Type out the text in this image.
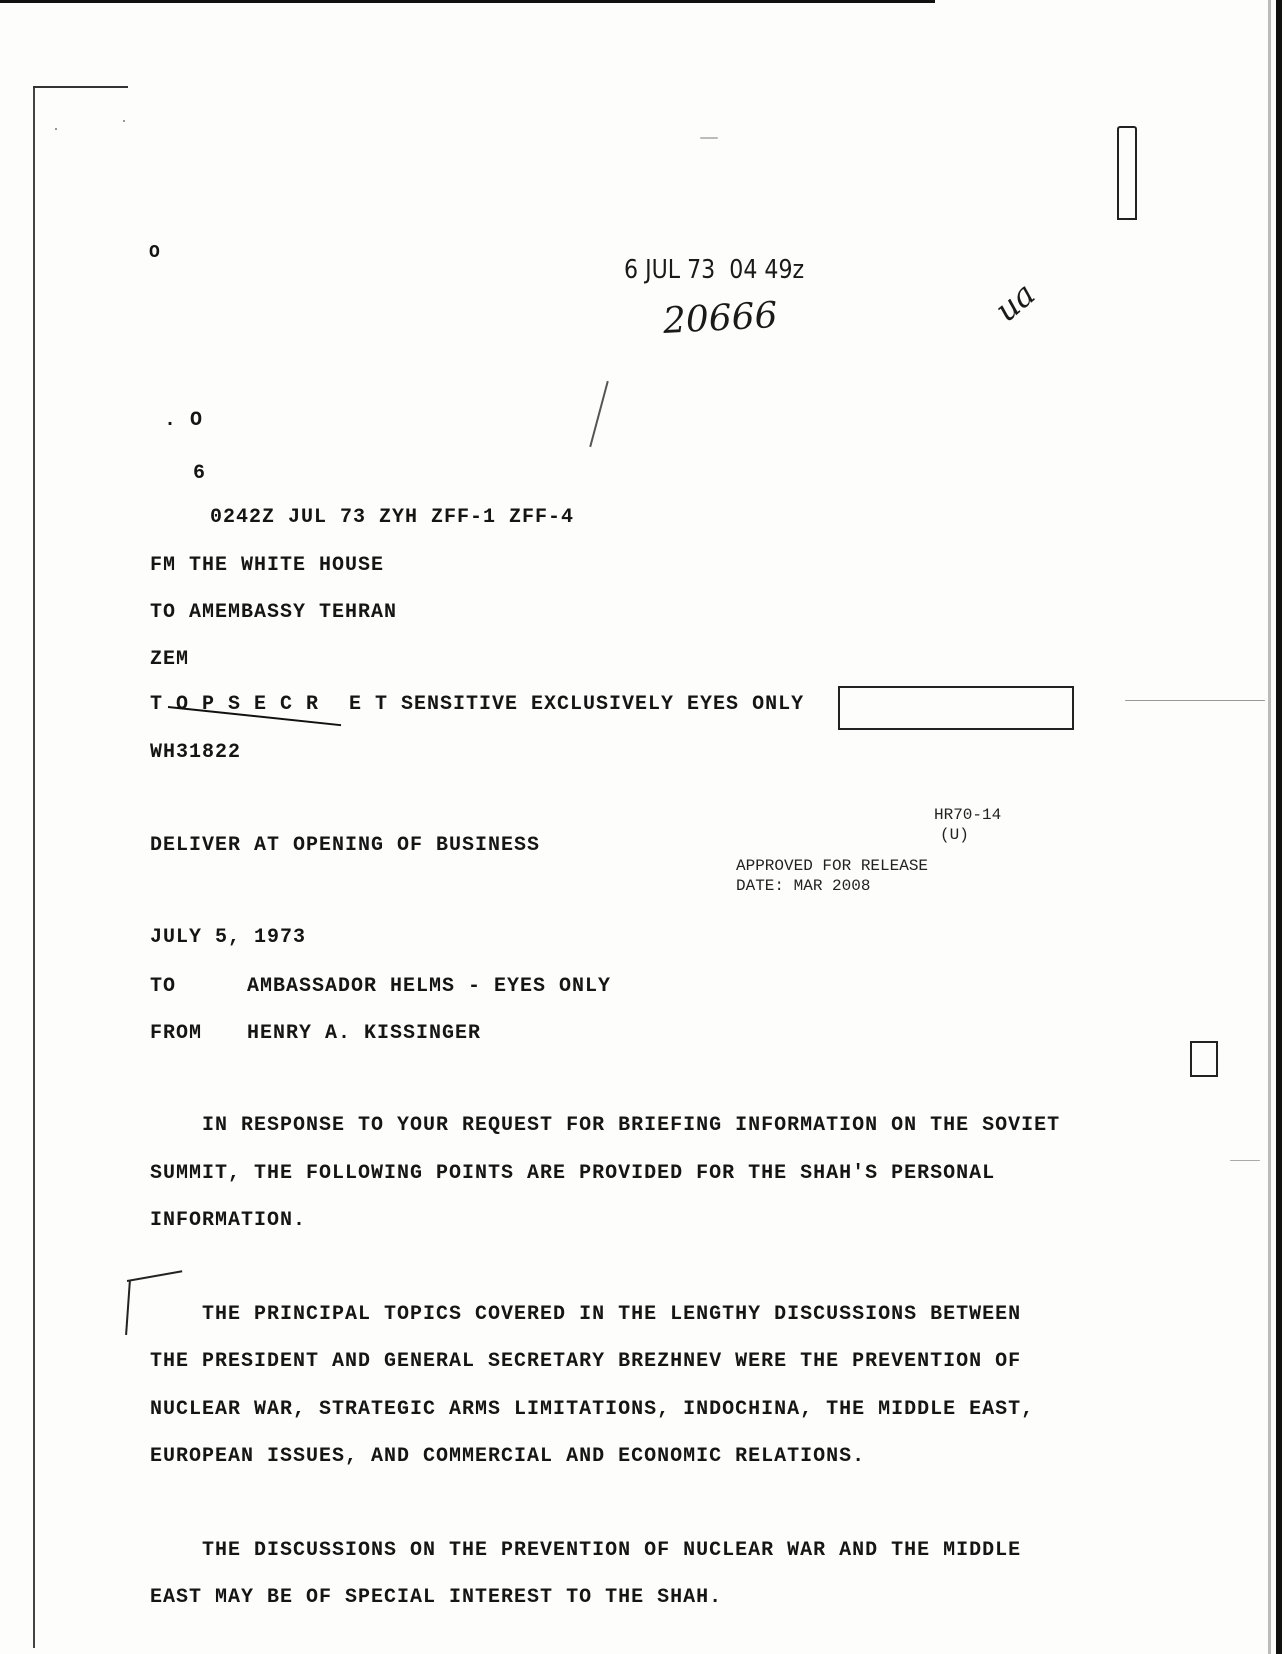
O
. O
6
6 JUL 73  04 49z
20666	ua
0242Z JUL 73 ZYH ZFF-1 ZFF-4
FM THE WHITE HOUSE
TO AMEMBASSY TEHRAN
ZEM
T O P S E C R E T SENSITIVE EXCLUSIVELY EYES ONLY
WH31822
DELIVER AT OPENING OF BUSINESS
HR70-14
(U)
APPROVED FOR RELEASE
DATE: MAR 2008
JULY 5, 1973
TO	AMBASSADOR HELMS - EYES ONLY
FROM HENRY A. KISSINGER
IN RESPONSE TO YOUR REQUEST FOR BRIEFING INFORMATION ON THE SOVIET
SUMMIT, THE FOLLOWING POINTS ARE PROVIDED FOR THE SHAH'S PERSONAL
INFORMATION.
THE PRINCIPAL TOPICS COVERED IN THE LENGTHY DISCUSSIONS BETWEEN
THE PRESIDENT AND GENERAL SECRETARY BREZHNEV WERE THE PREVENTION OF
NUCLEAR WAR, STRATEGIC ARMS LIMITATIONS, INDOCHINA, THE MIDDLE EAST,
EUROPEAN ISSUES, AND COMMERCIAL AND ECONOMIC RELATIONS.
THE DISCUSSIONS ON THE PREVENTION OF NUCLEAR WAR AND THE MIDDLE
EAST MAY BE OF SPECIAL INTEREST TO THE SHAH.
